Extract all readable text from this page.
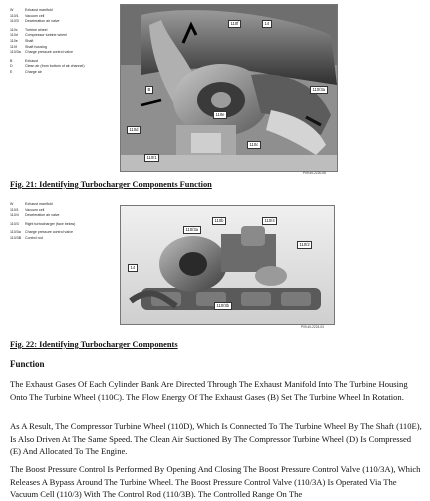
W	Exhaust manifold
110/1	Vacuum cell
110/3	Deceleration air valve
110c	Turbine wheel
110d	Compressor turbine wheel
110e	Shaft
110f	Shaft housing
110/3a	Charge pressure control valve
B	Exhaust
D	Clean air (from bottom of air channel)
E	Charge air
110f	14
110/3a
B
110e
110d
110c
110/1
P09.40-2220-06
Fig. 21: Identifying Turbocharger Components Function
W	Exhaust manifold
110/1	Vacuum cell
110/4	Deceleration air valve
110/3	Right turbocharger (face below)
110/3a	Charge pressure control valve
110/3B	Control rod
110/3a
110b	110/4
110/2
14
110/3b
P09.40-2224-03
Fig. 22: Identifying Turbocharger Components
Function

The Exhaust Gases Of Each Cylinder Bank Are Directed Through The Exhaust Manifold Into The Turbine Housing Onto The Turbine Wheel (110C). The Flow Energy Of The Exhaust Gases (B) Set The Turbine Wheel In Rotation.

As A Result, The Compressor Turbine Wheel (110D), Which Is Connected To The Turbine Wheel By The Shaft (110E), Is Also Driven At The Same Speed. The Clean Air Suctioned By The Compressor Turbine Wheel (D) Is Compressed (E) And Allocated To The Engine.

The Boost Pressure Control Is Performed By Opening And Closing The Boost Pressure Control Valve (110/3A), Which Releases A Bypass Around The Turbine Wheel. The Boost Pressure Control Valve (110/3A) Is Operated Via The Vacuum Cell (110/3) With The Control Rod (110/3B). The Controlled Range On The
